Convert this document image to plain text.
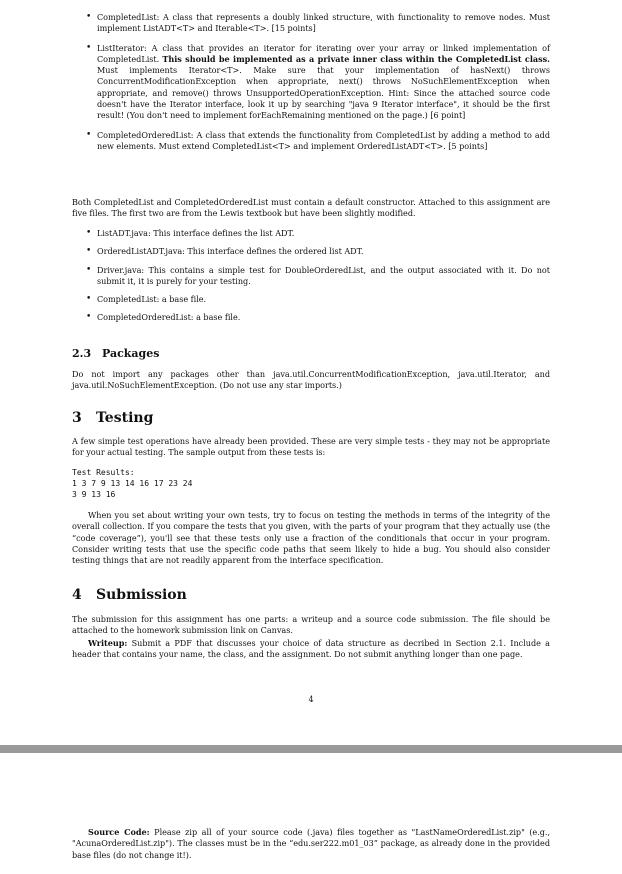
• CompletedList: A class that represents a doubly linked structure, with functionality to remove nodes. Must implement ListADT<T> and Iterable<T>. [15 points]
• ListIterator: A class that provides an iterator for iterating over your array or linked implementation of CompletedList. This should be implemented as a private inner class within the CompletedList class. Must implements Iterator<T>. Make sure that your implementation of hasNext() throws ConcurrentModificationException when appropriate, next() throws NoSuchElementException when appropriate, and remove() throws UnsupportedOperationException. Hint: Since the attached source code doesn't have the Iterator interface, look it up by searching "java 9 Iterator interface", it should be the first result! (You don't need to implement forEachRemaining mentioned on the page.) [6 point]
• CompletedOrderedList: A class that extends the functionality from CompletedList by adding a method to add new elements. Must extend CompletedList<T> and implement OrderedListADT<T>. [5 points]

Both CompletedList and CompletedOrderedList must contain a default constructor. Attached to this assignment are five files. The first two are from the Lewis textbook but have been slightly modified.

• ListADT.java: This interface defines the list ADT.
• OrderedListADT.java: This interface defines the ordered list ADT.
• Driver.java: This contains a simple test for DoubleOrderedList, and the output associated with it. Do not submit it, it is purely for your testing.
• CompletedList: a base file.
• CompletedOrderedList: a base file.
2.3 Packages

Do not import any packages other than java.util.ConcurrentModificationException, java.util.Iterator, and java.util.NoSuchElementException. (Do not use any star imports.)

3 Testing

A few simple test operations have already been provided. These are very simple tests - they may not be appropriate for your actual testing. The sample output from these tests is:

Test Results:
1 3 7 9 13 14 16 17 23 24
3 9 13 16

When you set about writing your own tests, try to focus on testing the methods in terms of the integrity of the overall collection. If you compare the tests that you given, with the parts of your program that they actually use (the “code coverage”), you'll see that these tests only use a fraction of the conditionals that occur in your program. Consider writing tests that use the specific code paths that seem likely to hide a bug. You should also consider testing things that are not readily apparent from the interface specification.

4 Submission

The submission for this assignment has one parts: a writeup and a source code submission. The file should be attached to the homework submission link on Canvas.

Writeup: Submit a PDF that discusses your choice of data structure as decribed in Section 2.1. Include a header that contains your name, the class, and the assignment. Do not submit anything longer than one page.

4

Source Code: Please zip all of your source code (.java) files together as "LastNameOrderedList.zip" (e.g., "AcunaOrderedList.zip"). The classes must be in the “edu.ser222.m01_03” package, as already done in the provided base files (do not change it!).
